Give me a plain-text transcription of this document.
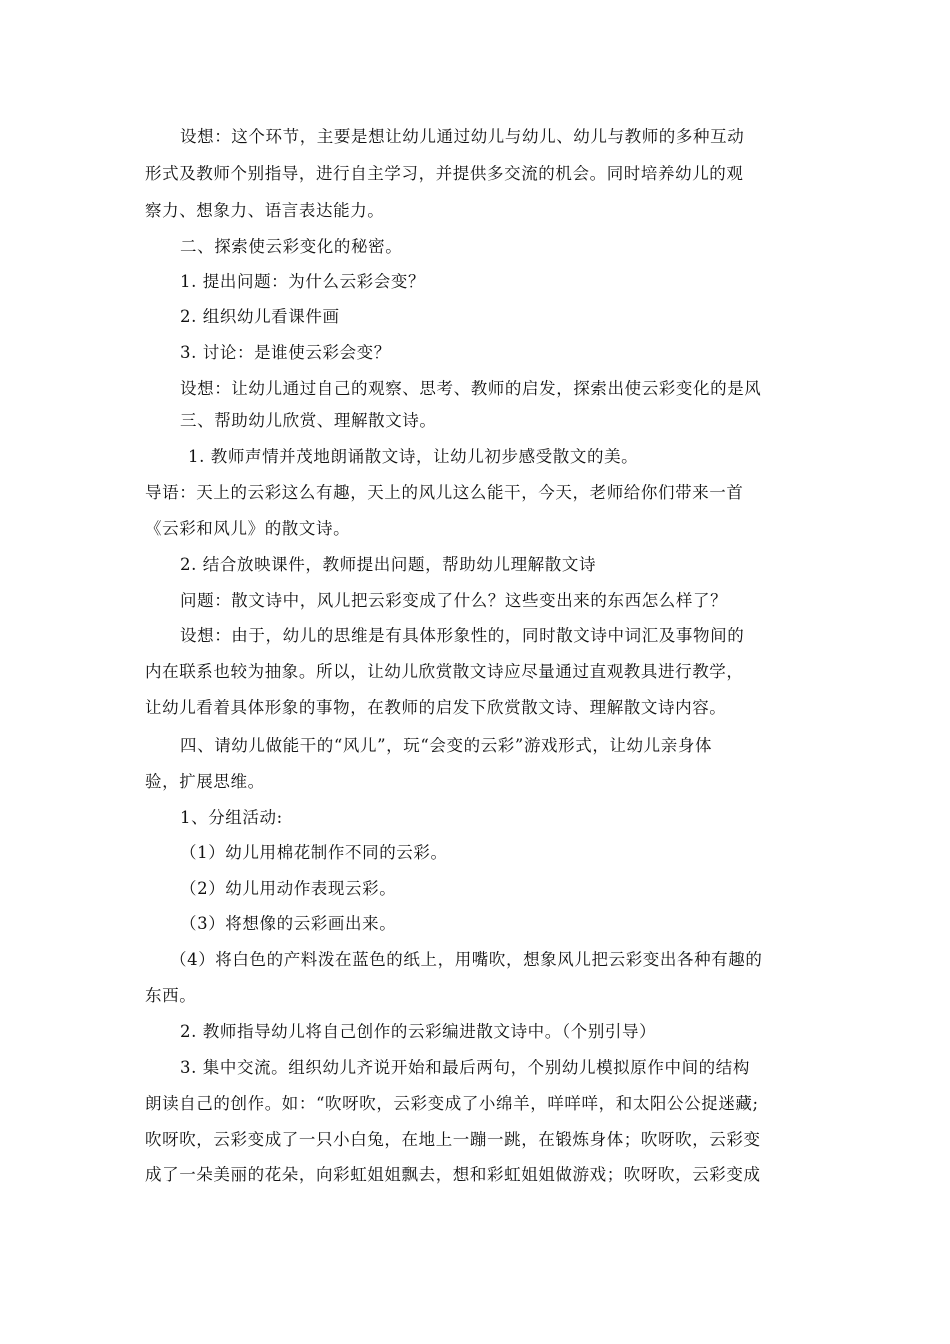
设想：这个环节，主要是想让幼儿通过幼儿与幼儿、幼儿与教师的多种互动
形式及教师个别指导，进行自主学习，并提供多交流的机会。同时培养幼儿的观
察力、想象力、语言表达能力。
二、探索使云彩变化的秘密。
1. 提出问题：为什么云彩会变？
2. 组织幼儿看课件画
3. 讨论：是谁使云彩会变？
设想：让幼儿通过自己的观察、思考、教师的启发，探索出使云彩变化的是风
三、帮助幼儿欣赏、理解散文诗。
1. 教师声情并茂地朗诵散文诗，让幼儿初步感受散文的美。
导语：天上的云彩这么有趣，天上的风儿这么能干，今天，老师给你们带来一首
《云彩和风儿》的散文诗。
2. 结合放映课件，教师提出问题，帮助幼儿理解散文诗
问题：散文诗中，风儿把云彩变成了什么？这些变出来的东西怎么样了？
设想：由于，幼儿的思维是有具体形象性的，同时散文诗中词汇及事物间的
内在联系也较为抽象。所以，让幼儿欣赏散文诗应尽量通过直观教具进行教学，
让幼儿看着具体形象的事物，在教师的启发下欣赏散文诗、理解散文诗内容。
四、请幼儿做能干的“风儿”，玩“会变的云彩”游戏形式，让幼儿亲身体
验，扩展思维。
1、分组活动:
（1）幼儿用棉花制作不同的云彩。
（2）幼儿用动作表现云彩。
（3）将想像的云彩画出来。
（4）将白色的产料泼在蓝色的纸上，用嘴吹，想象风儿把云彩变出各种有趣的
东西。
2. 教师指导幼儿将自己创作的云彩编进散文诗中。（个别引导）
3. 集中交流。组织幼儿齐说开始和最后两句，个别幼儿模拟原作中间的结构
朗读自己的创作。如：“吹呀吹，云彩变成了小绵羊，咩咩咩，和太阳公公捉迷藏;
吹呀吹，云彩变成了一只小白兔，在地上一蹦一跳，在锻炼身体；吹呀吹，云彩变
成了一朵美丽的花朵，向彩虹姐姐飘去，想和彩虹姐姐做游戏；吹呀吹，云彩变成
